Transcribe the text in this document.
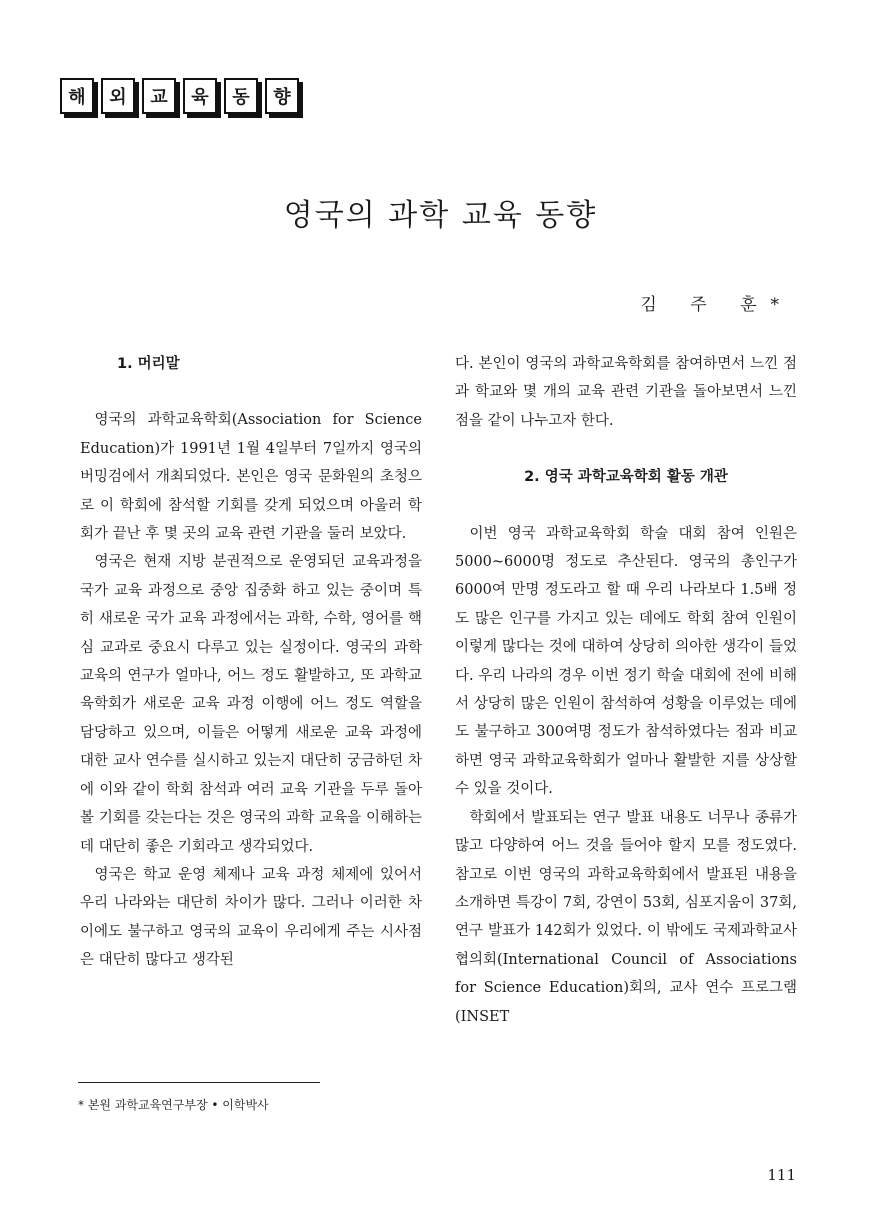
해	외	교	육	동	향
영국의 과학 교육 동향
김 주 훈*
1. 머리말

영국의 과학교육학회(Association for Science Education)가 1991년 1월 4일부터 7일까지 영국의 버밍검에서 개최되었다. 본인은 영국 문화원의 초청으로 이 학회에 참석할 기회를 갖게 되었으며 아울러 학회가 끝난 후 몇 곳의 교육 관련 기관을 둘러 보았다.

영국은 현재 지방 분권적으로 운영되던 교육과정을 국가 교육 과정으로 중앙 집중화 하고 있는 중이며 특히 새로운 국가 교육 과정에서는 과학, 수학, 영어를 핵심 교과로 중요시 다루고 있는 실정이다. 영국의 과학 교육의 연구가 얼마나, 어느 정도 활발하고, 또 과학교육학회가 새로운 교육 과정 이행에 어느 정도 역할을 담당하고 있으며, 이들은 어떻게 새로운 교육 과정에 대한 교사 연수를 실시하고 있는지 대단히 궁금하던 차에 이와 같이 학회 참석과 여러 교육 기관을 두루 돌아 볼 기회를 갖는다는 것은 영국의 과학 교육을 이해하는 데 대단히 좋은 기회라고 생각되었다.

영국은 학교 운영 체제나 교육 과정 체제에 있어서 우리 나라와는 대단히 차이가 많다. 그러나 이러한 차이에도 불구하고 영국의 교육이 우리에게 주는 시사점은 대단히 많다고 생각된

다. 본인이 영국의 과학교육학회를 참여하면서 느낀 점과 학교와 몇 개의 교육 관련 기관을 돌아보면서 느낀 점을 같이 나누고자 한다.

2. 영국 과학교육학회 활동 개관

이번 영국 과학교육학회 학술 대회 참여 인원은 5000~6000명 정도로 추산된다. 영국의 총인구가 6000여 만명 정도라고 할 때 우리 나라보다 1.5배 정도 많은 인구를 가지고 있는 데에도 학회 참여 인원이 이렇게 많다는 것에 대하여 상당히 의아한 생각이 들었다. 우리 나라의 경우 이번 정기 학술 대회에 전에 비해서 상당히 많은 인원이 참석하여 성황을 이루었는 데에도 불구하고 300여명 정도가 참석하였다는 점과 비교하면 영국 과학교육학회가 얼마나 활발한 지를 상상할 수 있을 것이다.

학회에서 발표되는 연구 발표 내용도 너무나 종류가 많고 다양하여 어느 것을 들어야 할지 모를 정도였다. 참고로 이번 영국의 과학교육학회에서 발표된 내용을 소개하면 특강이 7회, 강연이 53회, 심포지움이 37회, 연구 발표가 142회가 있었다. 이 밖에도 국제과학교사협의회(International Council of Associations for Science Education)회의, 교사 연수 프로그램(INSET

* 본원 과학교육연구부장 • 이학박사
111
